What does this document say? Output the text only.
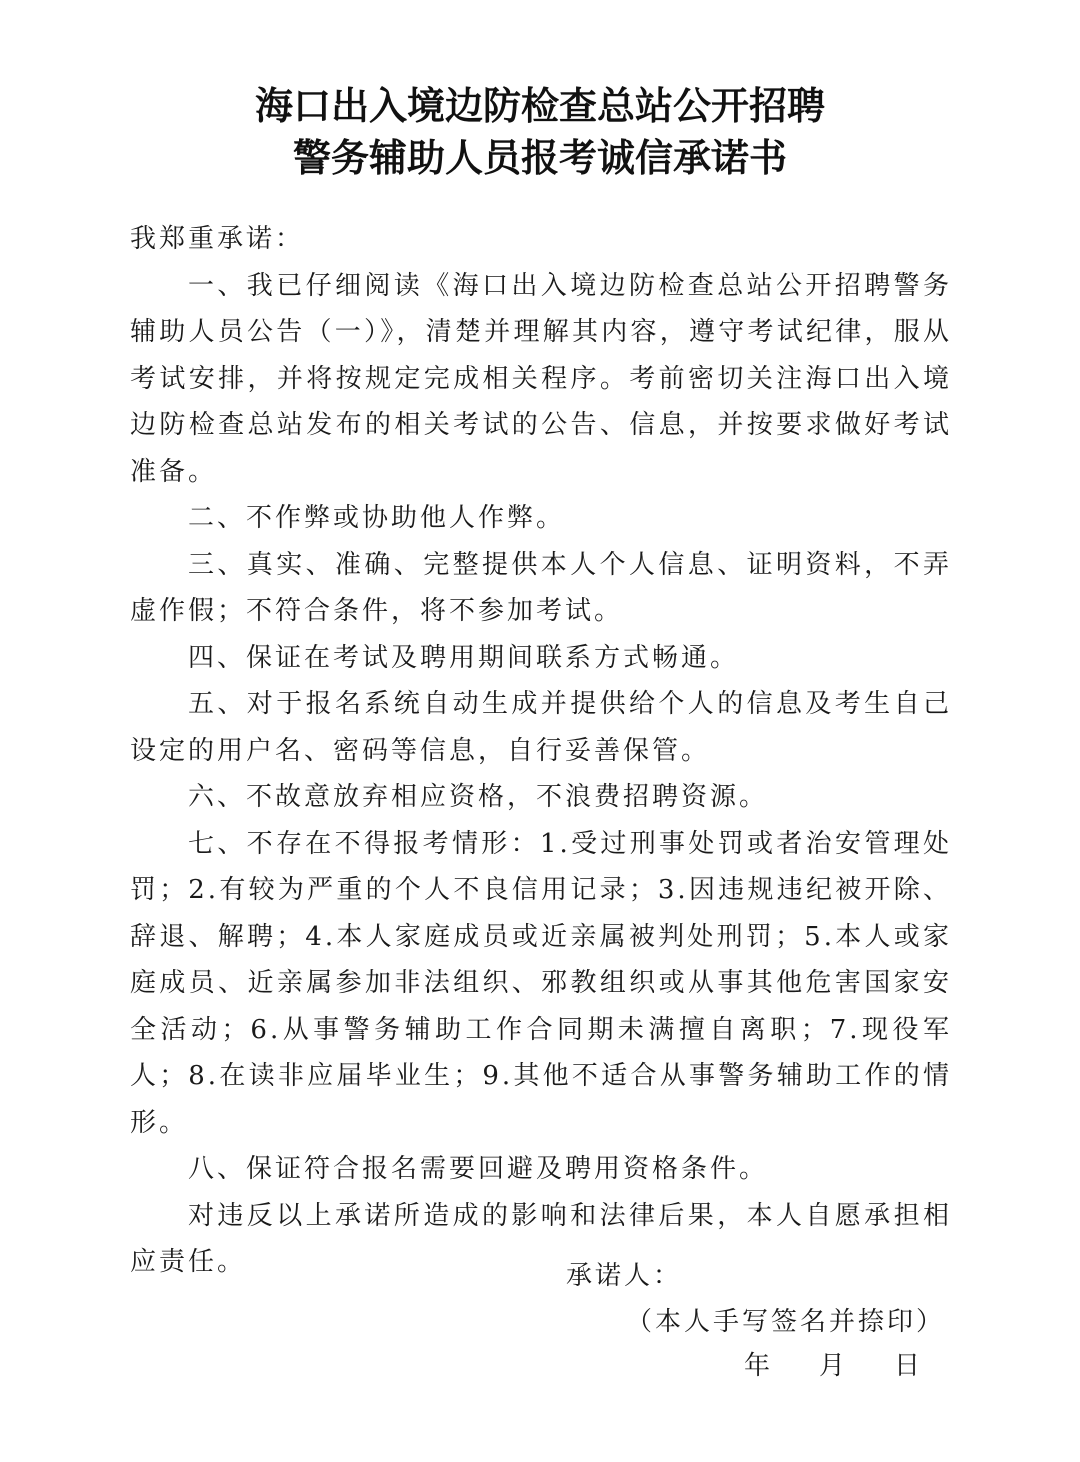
海口出入境边防检查总站公开招聘
警务辅助人员报考诚信承诺书

我郑重承诺：

一、我已仔细阅读《海口出入境边防检查总站公开招聘警务辅助人员公告（一）》，清楚并理解其内容，遵守考试纪律，服从考试安排，并将按规定完成相关程序。考前密切关注海口出入境边防检查总站发布的相关考试的公告、信息，并按要求做好考试准备。

二、不作弊或协助他人作弊。

三、真实、准确、完整提供本人个人信息、证明资料，不弄虚作假；不符合条件，将不参加考试。

四、保证在考试及聘用期间联系方式畅通。

五、对于报名系统自动生成并提供给个人的信息及考生自己设定的用户名、密码等信息，自行妥善保管。

六、不故意放弃相应资格，不浪费招聘资源。

七、不存在不得报考情形：1.受过刑事处罚或者治安管理处罚；2.有较为严重的个人不良信用记录；3.因违规违纪被开除、辞退、解聘；4.本人家庭成员或近亲属被判处刑罚；5.本人或家庭成员、近亲属参加非法组织、邪教组织或从事其他危害国家安全活动；6.从事警务辅助工作合同期未满擅自离职；7.现役军人；8.在读非应届毕业生；9.其他不适合从事警务辅助工作的情形。

八、保证符合报名需要回避及聘用资格条件。

对违反以上承诺所造成的影响和法律后果，本人自愿承担相应责任。	承诺人：
（本人手写签名并捺印）
年 月 日
